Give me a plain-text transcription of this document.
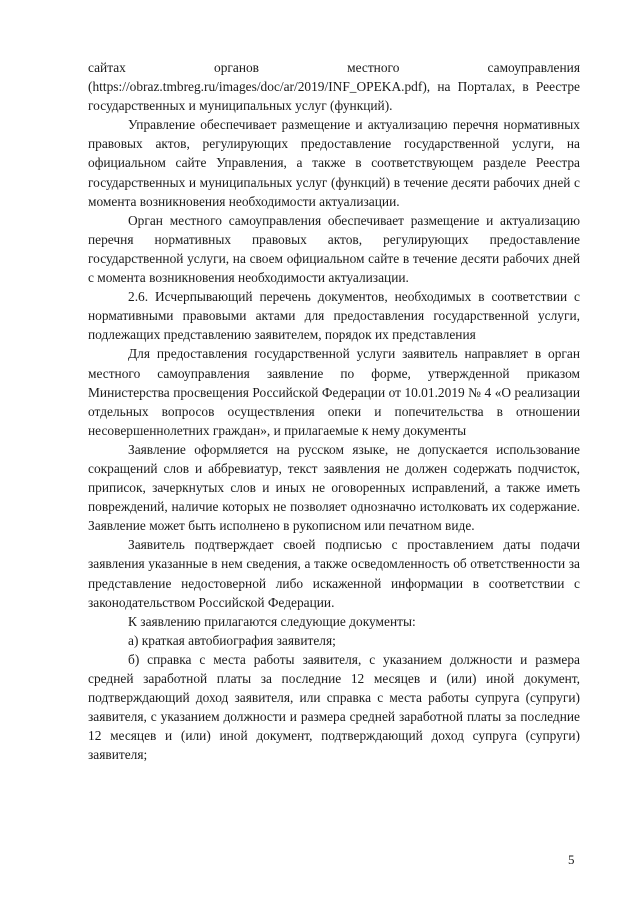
сайтах органов местного самоуправления (https://obraz.tmbreg.ru/images/doc/ar/2019/INF_OPEKA.pdf), на Порталах, в Реестре государственных и муниципальных услуг (функций).

Управление обеспечивает размещение и актуализацию перечня нормативных правовых актов, регулирующих предоставление государственной услуги, на официальном сайте Управления, а также в соответствующем разделе Реестра государственных и муниципальных услуг (функций) в течение десяти рабочих дней с момента возникновения необходимости актуализации.

Орган местного самоуправления обеспечивает размещение и актуализацию перечня нормативных правовых актов, регулирующих предоставление государственной услуги, на своем официальном сайте в течение десяти рабочих дней с момента возникновения необходимости актуализации.

2.6. Исчерпывающий перечень документов, необходимых в соответствии с нормативными правовыми актами для предоставления государственной услуги, подлежащих представлению заявителем, порядок их представления

Для предоставления государственной услуги заявитель направляет в орган местного самоуправления заявление по форме, утвержденной приказом Министерства просвещения Российской Федерации от 10.01.2019 № 4 «О реализации отдельных вопросов осуществления опеки и попечительства в отношении несовершеннолетних граждан», и прилагаемые к нему документы

Заявление оформляется на русском языке, не допускается использование сокращений слов и аббревиатур, текст заявления не должен содержать подчисток, приписок, зачеркнутых слов и иных не оговоренных исправлений, а также иметь повреждений, наличие которых не позволяет однозначно истолковать их содержание. Заявление может быть исполнено в рукописном или печатном виде.

Заявитель подтверждает своей подписью с проставлением даты подачи заявления указанные в нем сведения, а также осведомленность об ответственности за представление недостоверной либо искаженной информации в соответствии с законодательством Российской Федерации.

К заявлению прилагаются следующие документы:

а) краткая автобиография заявителя;

б) справка с места работы заявителя, с указанием должности и размера средней заработной платы за последние 12 месяцев и (или) иной документ, подтверждающий доход заявителя, или справка с места работы супруга (супруги) заявителя, с указанием должности и размера средней заработной платы за последние 12 месяцев и (или) иной документ, подтверждающий доход супруга (супруги) заявителя;

5
